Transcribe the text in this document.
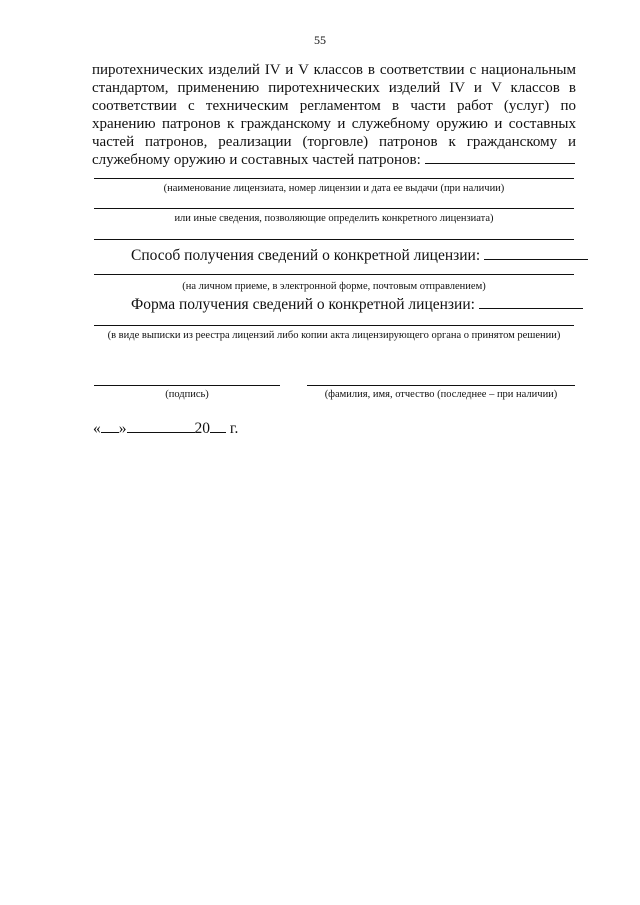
55
пиротехнических изделий IV и V классов в соответствии с национальным
стандартом, применению пиротехнических изделий IV и V классов в
соответствии с техническим регламентом в части работ (услуг) по
хранению патронов к гражданскому и служебному оружию и составных
частей патронов, реализации (торговле) патронов к гражданскому и
служебному оружию и составных частей патронов:
(наименование лицензиата, номер лицензии и дата ее выдачи (при наличии)
или иные сведения, позволяющие определить конкретного лицензиата)
Способ получения сведений о конкретной лицензии:
(на личном приеме, в электронной форме, почтовым отправлением)
Форма получения сведений о конкретной лицензии:
(в виде выписки из реестра лицензий либо копии акта лицензирующего органа о принятом решении)
(подпись)	(фамилия, имя, отчество (последнее – при наличии)
« »	20 г.
